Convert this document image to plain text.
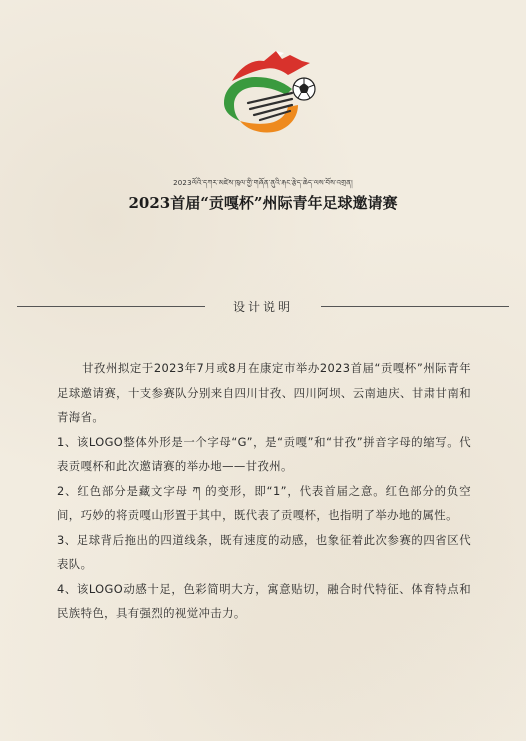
2023ལོའི་དཀར་མཛེས་ཁུལ་གྱི་གཞོན་ནུའི་རྐང་རྩེད་ཆེད་ལས་བོས་འགྲན།
2023首届“贡嘎杯”州际青年足球邀请赛
设计说明

甘孜州拟定于2023年7月或8月在康定市举办2023首届“贡嘎杯”州际青年足球邀请赛，十支参赛队分别来自四川甘孜、四川阿坝、云南迪庆、甘肃甘南和青海省。

1、该LOGO整体外形是一个字母“G”，是“贡嘎”和“甘孜”拼音字母的缩写。代表贡嘎杯和此次邀请赛的举办地——甘孜州。

2、红色部分是藏文字母 ཀ 的变形，即“1”，代表首届之意。红色部分的负空间，巧妙的将贡嘎山形置于其中，既代表了贡嘎杯，也指明了举办地的属性。

3、足球背后拖出的四道线条，既有速度的动感，也象征着此次参赛的四省区代表队。

4、该LOGO动感十足，色彩简明大方，寓意贴切，融合时代特征、体育特点和民族特色，具有强烈的视觉冲击力。
